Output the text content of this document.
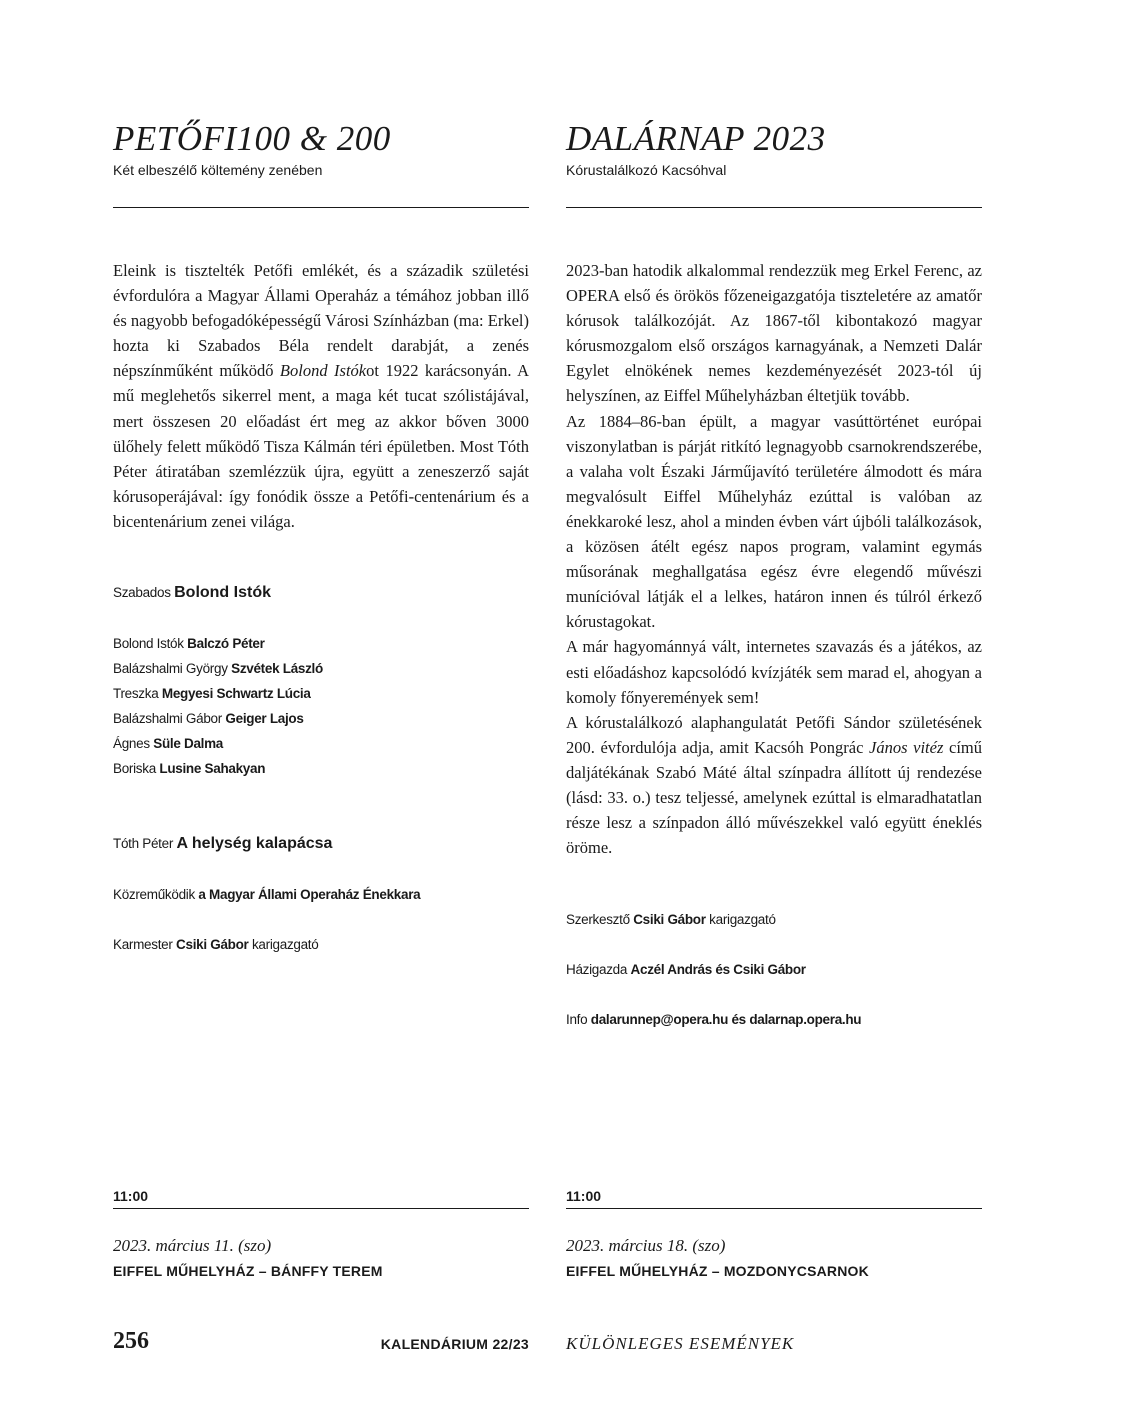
PETŐFI100 & 200
Két elbeszélő költemény zenében

Eleink is tisztelték Petőfi emlékét, és a századik születési évfordulóra a Magyar Állami Operaház a témához jobban illő és nagyobb befogadóképességű Városi Színházban (ma: Erkel) hozta ki Szabados Béla rendelt darabját, a zenés népszínműként működő Bolond Istókot 1922 karácsonyán. A mű meglehetős sikerrel ment, a maga két tucat szólistájával, mert összesen 20 előadást ért meg az akkor bőven 3000 ülőhely felett működő Tisza Kálmán téri épületben. Most Tóth Péter átiratában szemlézzük újra, együtt a zeneszerző saját kórusoperájával: így fonódik össze a Petőfi-centenárium és a bicentenárium zenei világa.

Szabados Bolond Istók
Bolond Istók Balczó Péter
Balázshalmi György Szvétek László
Treszka Megyesi Schwartz Lúcia
Balázshalmi Gábor Geiger Lajos
Ágnes Süle Dalma
Boriska Lusine Sahakyan
Tóth Péter A helység kalapácsa
Közreműködik a Magyar Állami Operaház Énekkara
Karmester Csiki Gábor karigazgató
11:00
2023. március 11. (szo)
EIFFEL MŰHELYHÁZ – BÁNFFY TEREM
DALÁRNAP 2023
Kórustalálkozó Kacsóhval
2023-ban hatodik alkalommal rendezzük meg Erkel Ferenc, az OPERA első és örökös főzeneigazgatója tiszteletére az amatőr kórusok találkozóját. Az 1867-től kibontakozó magyar kórusmozgalom első országos karnagyának, a Nemzeti Dalár Egylet elnökének nemes kezdeményezését 2023-tól új helyszínen, az Eiffel Műhelyházban éltetjük tovább.
Az 1884–86-ban épült, a magyar vasúttörténet európai viszonylatban is párját ritkító legnagyobb csarnokrendszerébe, a valaha volt Északi Járműjavító területére álmodott és mára megvalósult Eiffel Műhelyház ezúttal is valóban az énekkaroké lesz, ahol a minden évben várt újbóli találkozások, a közösen átélt egész napos program, valamint egymás műsorának meghallgatása egész évre elegendő művészi munícióval látják el a lelkes, határon innen és túlról érkező kórustagokat.
A már hagyománnyá vált, internetes szavazás és a játékos, az esti előadáshoz kapcsolódó kvízjáték sem marad el, ahogyan a komoly főnyeremények sem!
A kórustalálkozó alaphangulatát Petőfi Sándor születésének 200. évfordulója adja, amit Kacsóh Pongrác János vitéz című daljátékának Szabó Máté által színpadra állított új rendezése (lásd: 33. o.) tesz teljessé, amelynek ezúttal is elmaradhatatlan része lesz a színpadon álló művészekkel való együtt éneklés öröme.
Szerkesztő Csiki Gábor karigazgató
Házigazda Aczél András és Csiki Gábor
Info dalarunnep@opera.hu és dalarnap.opera.hu
11:00
2023. március 18. (szo)
EIFFEL MŰHELYHÁZ – MOZDONYCSARNOK
256	KALENDÁRIUM 22/23 KÜLÖNLEGES ESEMÉNYEK
